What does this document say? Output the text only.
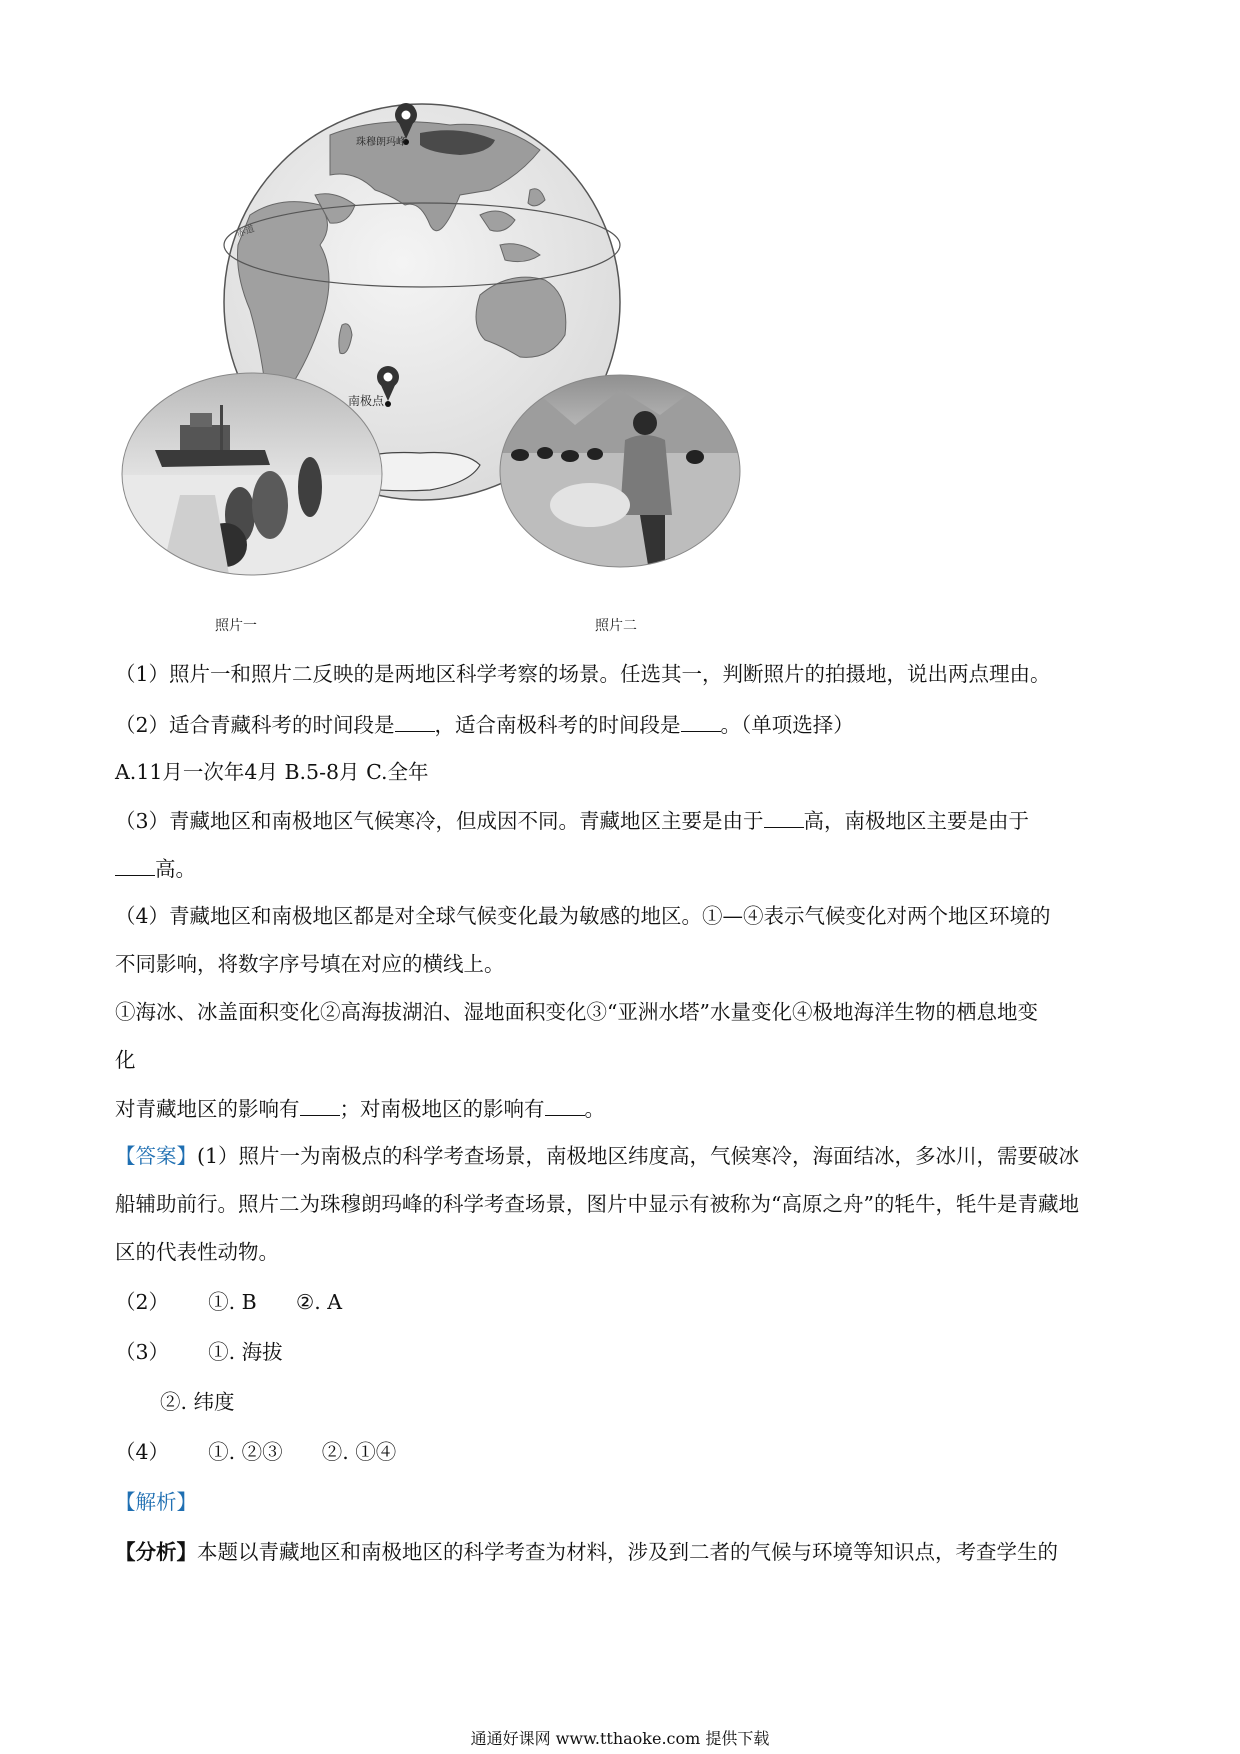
珠穆朗玛峰
南极点
赤道
照片一	照片二
（1）照片一和照片二反映的是两地区科学考察的场景。任选其一，判断照片的拍摄地，说出两点理由。
（2）适合青藏科考的时间段是 ，适合南极科考的时间段是 。（单项选择）
A.11月一次年4月 B.5-8月 C.全年
（3）青藏地区和南极地区气候寒冷，但成因不同。青藏地区主要是由于 高，南极地区主要是由于
高。
（4）青藏地区和南极地区都是对全球气候变化最为敏感的地区。①—④表示气候变化对两个地区环境的
不同影响，将数字序号填在对应的横线上。
①海冰、冰盖面积变化②高海拔湖泊、湿地面积变化③“亚洲水塔”水量变化④极地海洋生物的栖息地变
化
对青藏地区的影响有 ；对南极地区的影响有 。
【答案】(1）照片一为南极点的科学考查场景，南极地区纬度高，气候寒冷，海面结冰，多冰川，需要破冰
船辅助前行。照片二为珠穆朗玛峰的科学考查场景，图片中显示有被称为“高原之舟”的牦牛，牦牛是青藏地
区的代表性动物。
（2）      ①. B      ②. A
（3）      ①. 海拔
②. 纬度
（4）      ①. ②③      ②. ①④
【解析】
【分析】本题以青藏地区和南极地区的科学考查为材料，涉及到二者的气候与环境等知识点，考查学生的
通通好课网 www.tthaoke.com 提供下载
